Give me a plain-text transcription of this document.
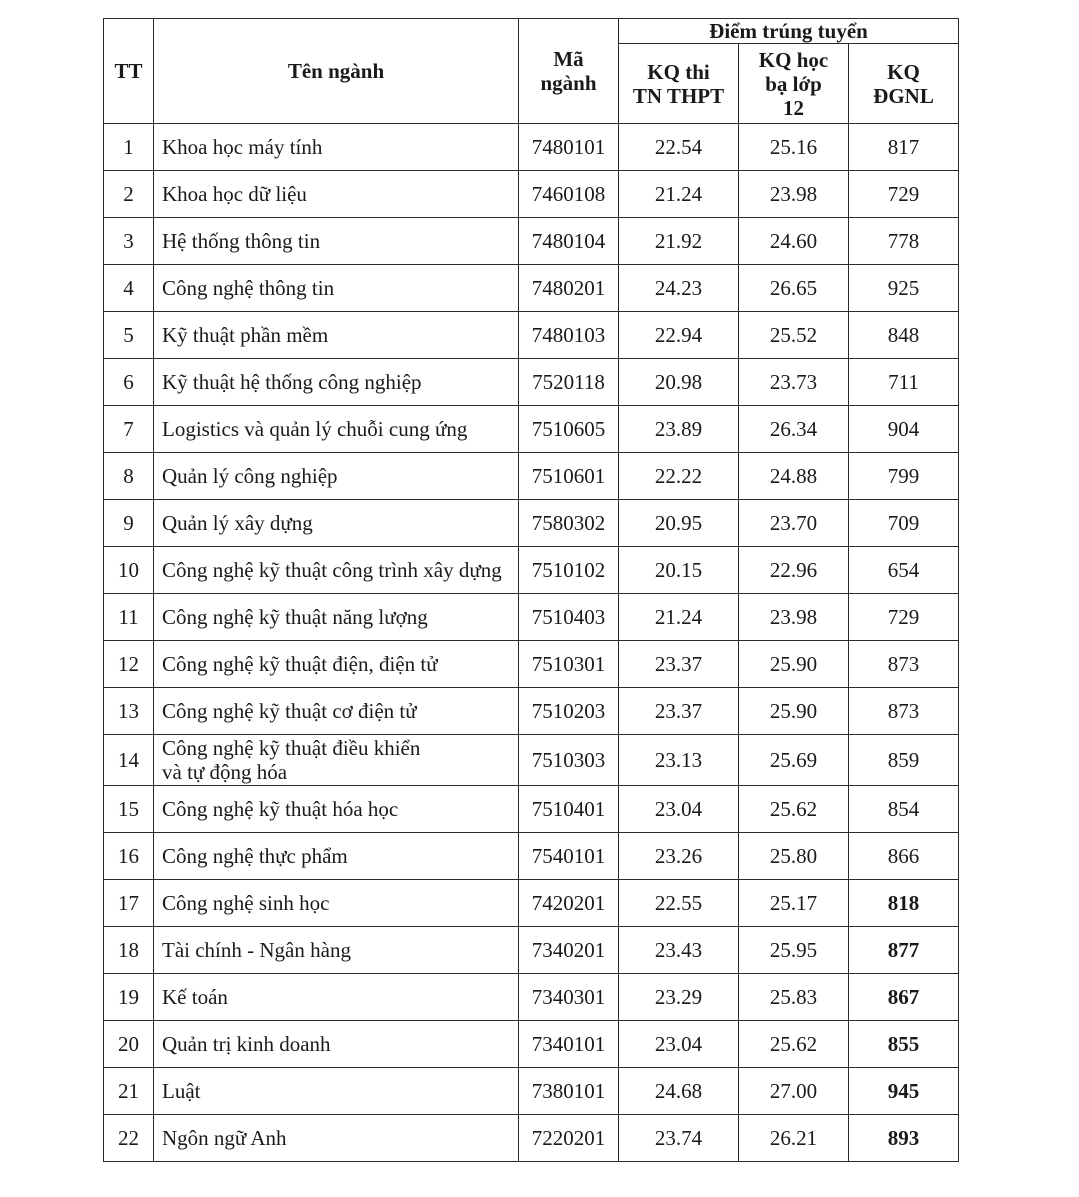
TT	Tên ngành	Mã ngành	Điểm trúng tuyển		
			KQ thi TN THPT	KQ học bạ lớp 12	KQ ĐGNL
1	Khoa học máy tính	7480101	22.54	25.16	817
2	Khoa học dữ liệu	7460108	21.24	23.98	729
3	Hệ thống thông tin	7480104	21.92	24.60	778
4	Công nghệ thông tin	7480201	24.23	26.65	925
5	Kỹ thuật phần mềm	7480103	22.94	25.52	848
6	Kỹ thuật hệ thống công nghiệp	7520118	20.98	23.73	711
7	Logistics và quản lý chuỗi cung ứng	7510605	23.89	26.34	904
8	Quản lý công nghiệp	7510601	22.22	24.88	799
9	Quản lý xây dựng	7580302	20.95	23.70	709
10	Công nghệ kỹ thuật công trình xây dựng	7510102	20.15	22.96	654
11	Công nghệ kỹ thuật năng lượng	7510403	21.24	23.98	729
12	Công nghệ kỹ thuật điện, điện tử	7510301	23.37	25.90	873
13	Công nghệ kỹ thuật cơ điện tử	7510203	23.37	25.90	873
14	Công nghệ kỹ thuật điều khiển
và tự động hóa	7510303	23.13	25.69	859
15	Công nghệ kỹ thuật hóa học	7510401	23.04	25.62	854
16	Công nghệ thực phẩm	7540101	23.26	25.80	866
17	Công nghệ sinh học	7420201	22.55	25.17	818
18	Tài chính - Ngân hàng	7340201	23.43	25.95	877
19	Kế toán	7340301	23.29	25.83	867
20	Quản trị kinh doanh	7340101	23.04	25.62	855
21	Luật	7380101	24.68	27.00	945
22	Ngôn ngữ Anh	7220201	23.74	26.21	893
